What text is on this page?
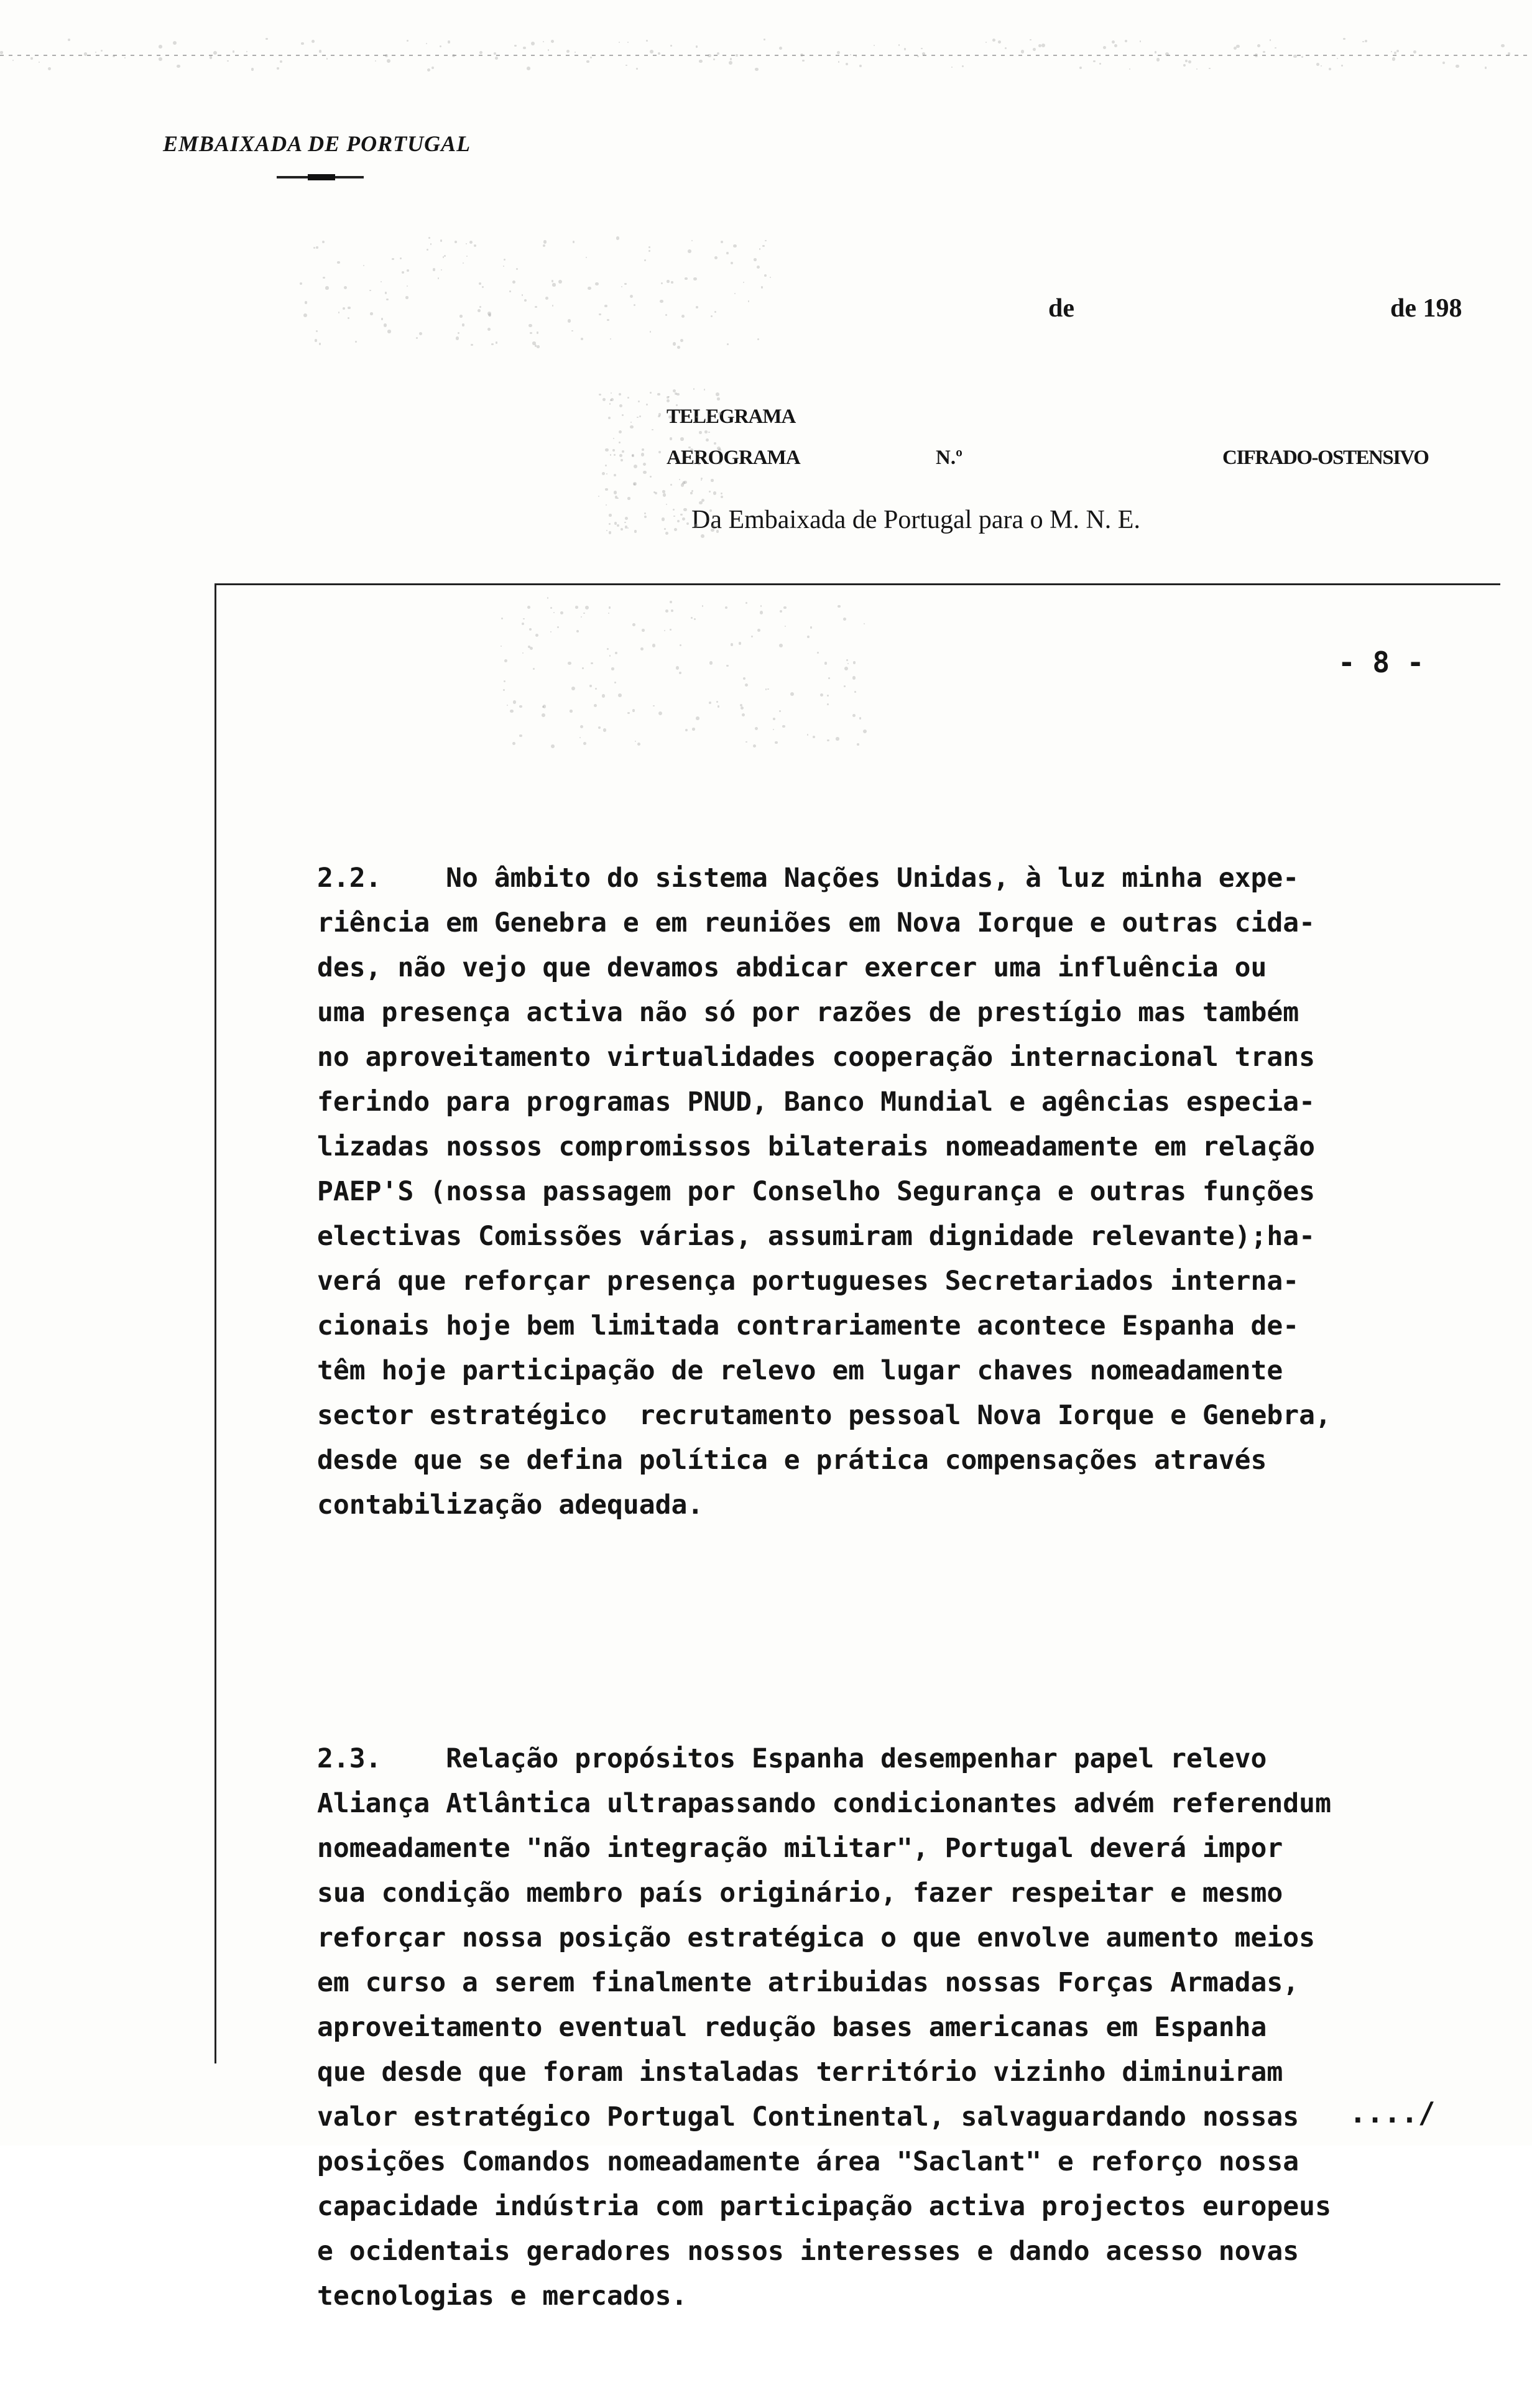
EMBAIXADA DE PORTUGAL
de	de 198
TELEGRAMA
AEROGRAMA	N.º	CIFRADO-OSTENSIVO
Da Embaixada de Portugal para o M. N. E.
- 8 -

2.2.    No âmbito do sistema Nações Unidas, à luz minha expe-
riência em Genebra e em reuniões em Nova Iorque e outras cida-
des, não vejo que devamos abdicar exercer uma influência ou
uma presença activa não só por razões de prestígio mas também
no aproveitamento virtualidades cooperação internacional trans
ferindo para programas PNUD, Banco Mundial e agências especia-
lizadas nossos compromissos bilaterais nomeadamente em relação
PAEP'S (nossa passagem por Conselho Segurança e outras funções
electivas Comissões várias, assumiram dignidade relevante);ha-
verá que reforçar presença portugueses Secretariados interna-
cionais hoje bem limitada contrariamente acontece Espanha de-
têm hoje participação de relevo em lugar chaves nomeadamente
sector estratégico  recrutamento pessoal Nova Iorque e Genebra,
desde que se defina política e prática compensações através
contabilização adequada.

2.3.    Relação propósitos Espanha desempenhar papel relevo
Aliança Atlântica ultrapassando condicionantes advém referendum
nomeadamente "não integração militar", Portugal deverá impor
sua condição membro país originário, fazer respeitar e mesmo
reforçar nossa posição estratégica o que envolve aumento meios
em curso a serem finalmente atribuidas nossas Forças Armadas,
aproveitamento eventual redução bases americanas em Espanha
que desde que foram instaladas território vizinho diminuiram
valor estratégico Portugal Continental, salvaguardando nossas
posições Comandos nomeadamente área "Saclant" e reforço nossa
capacidade indústria com participação activa projectos europeus
e ocidentais geradores nossos interesses e dando acesso novas
tecnologias e mercados.

..../
